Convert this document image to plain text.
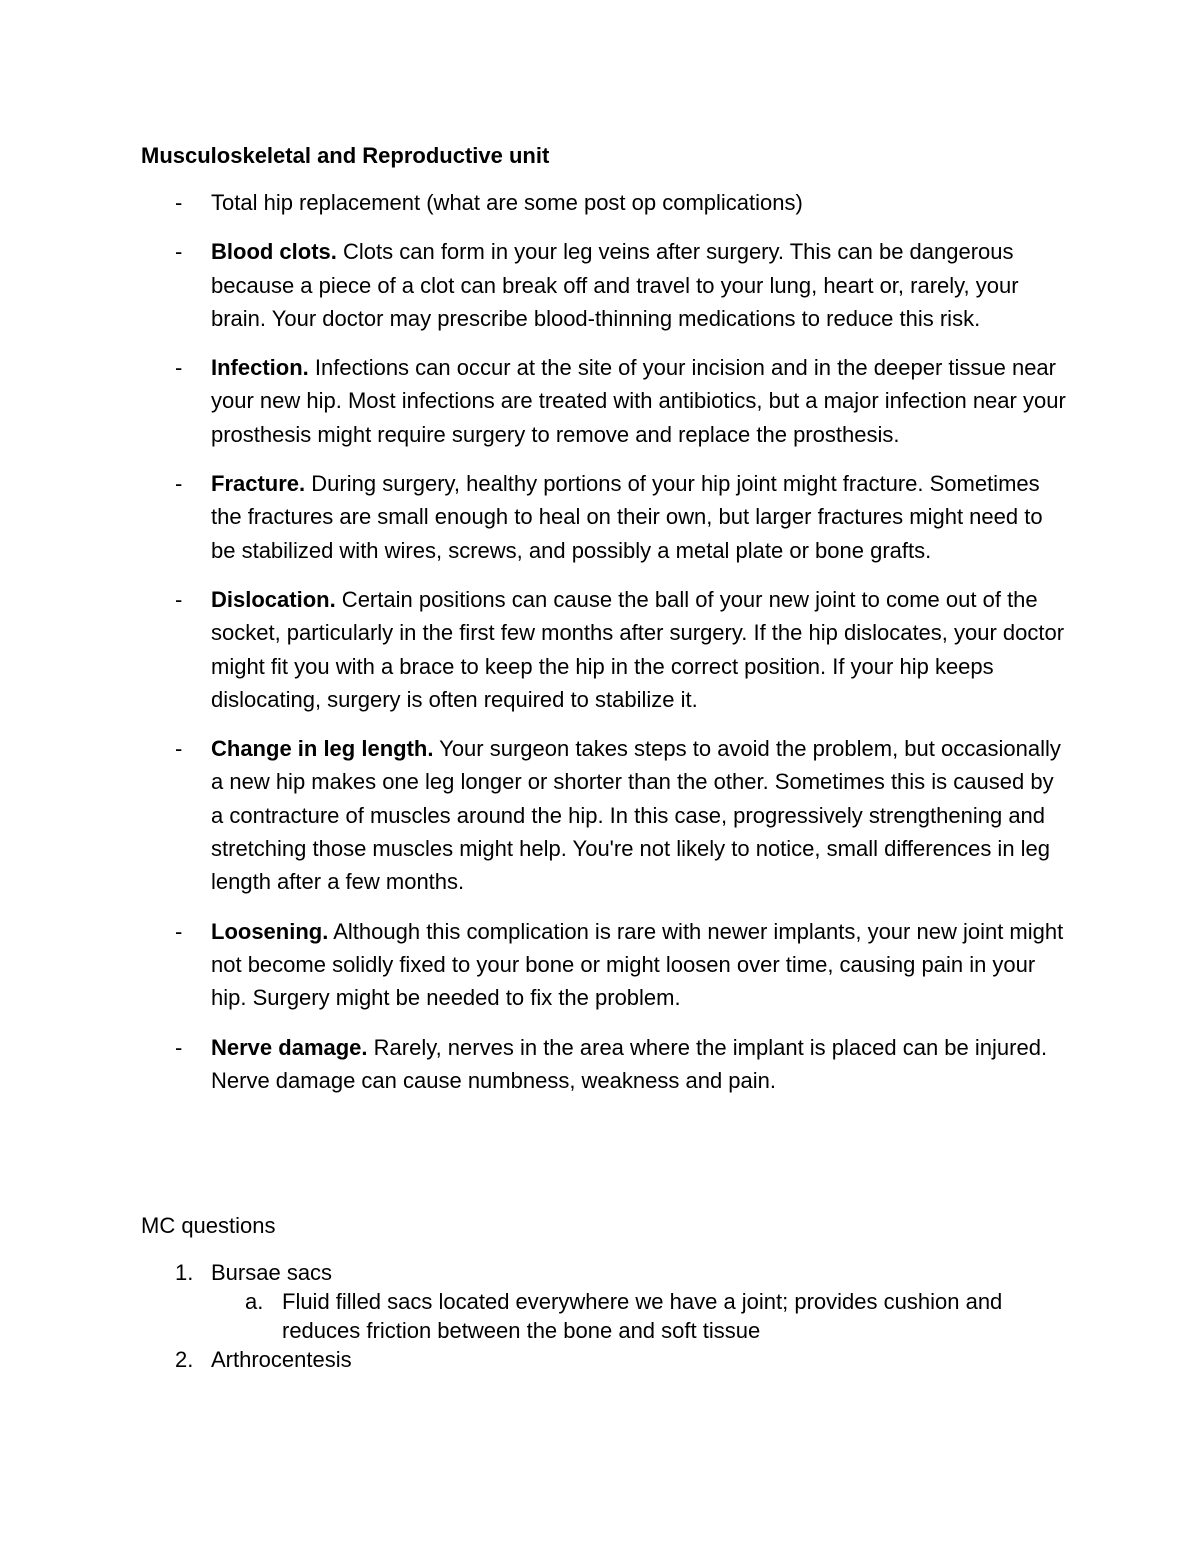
Musculoskeletal and Reproductive unit
- Total hip replacement (what are some post op complications)
- Blood clots. Clots can form in your leg veins after surgery. This can be dangerous because a piece of a clot can break off and travel to your lung, heart or, rarely, your brain. Your doctor may prescribe blood-thinning medications to reduce this risk.
- Infection. Infections can occur at the site of your incision and in the deeper tissue near your new hip. Most infections are treated with antibiotics, but a major infection near your prosthesis might require surgery to remove and replace the prosthesis.
- Fracture. During surgery, healthy portions of your hip joint might fracture. Sometimes the fractures are small enough to heal on their own, but larger fractures might need to be stabilized with wires, screws, and possibly a metal plate or bone grafts.
- Dislocation. Certain positions can cause the ball of your new joint to come out of the socket, particularly in the first few months after surgery. If the hip dislocates, your doctor might fit you with a brace to keep the hip in the correct position. If your hip keeps dislocating, surgery is often required to stabilize it.
- Change in leg length. Your surgeon takes steps to avoid the problem, but occasionally a new hip makes one leg longer or shorter than the other. Sometimes this is caused by a contracture of muscles around the hip. In this case, progressively strengthening and stretching those muscles might help. You're not likely to notice, small differences in leg length after a few months.
- Loosening. Although this complication is rare with newer implants, your new joint might not become solidly fixed to your bone or might loosen over time, causing pain in your hip. Surgery might be needed to fix the problem.
- Nerve damage. Rarely, nerves in the area where the implant is placed can be injured. Nerve damage can cause numbness, weakness and pain.
MC questions
1. Bursae sacs
a. Fluid filled sacs located everywhere we have a joint; provides cushion and reduces friction between the bone and soft tissue
2. Arthrocentesis
